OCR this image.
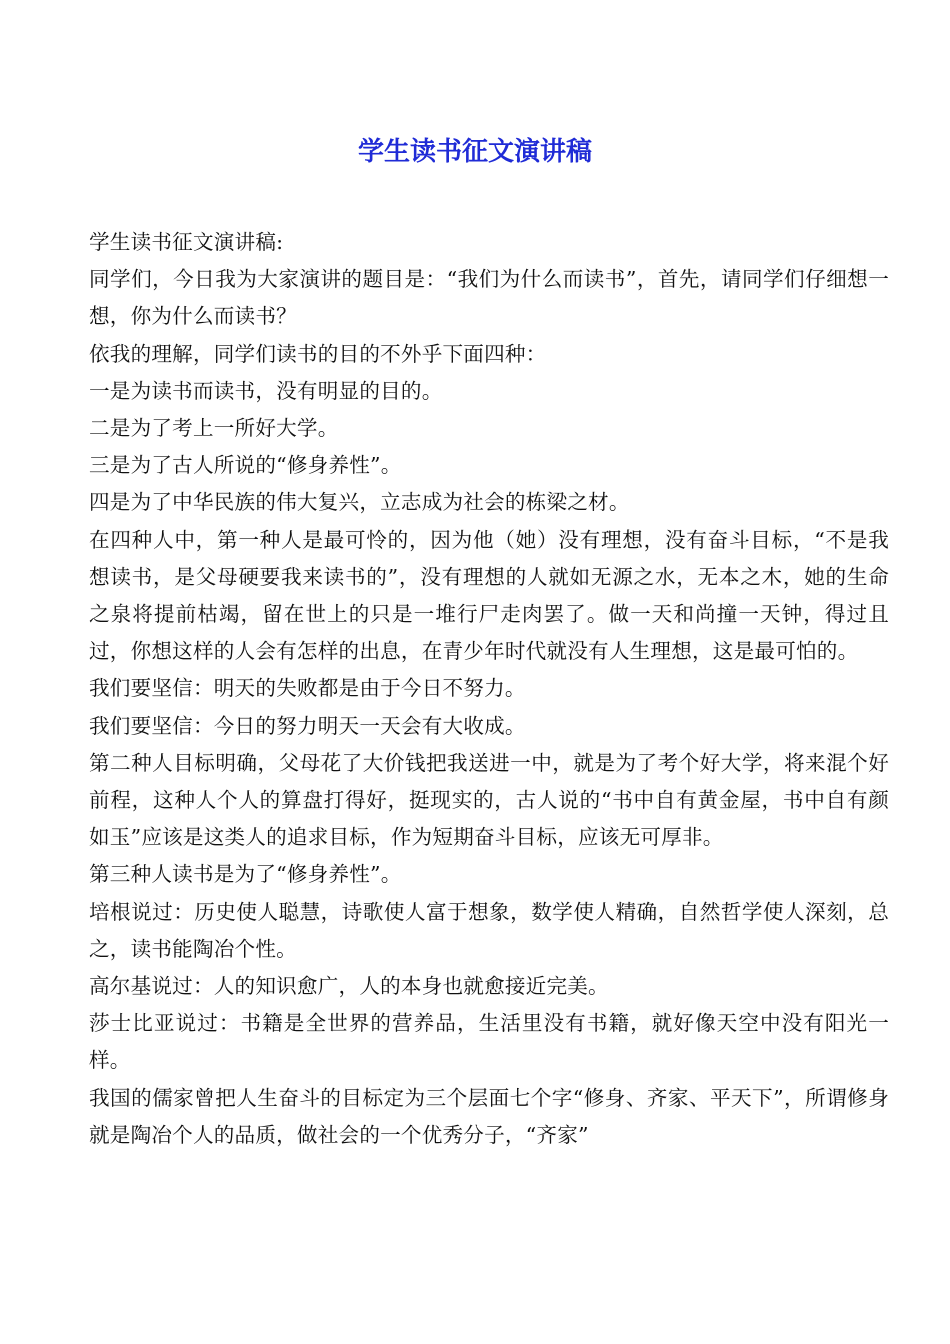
学生读书征文演讲稿

学生读书征文演讲稿:

同学们，今日我为大家演讲的题目是：“我们为什么而读书”，首先，请同学们仔细想一想，你为什么而读书？

依我的理解，同学们读书的目的不外乎下面四种：

一是为读书而读书，没有明显的目的。

二是为了考上一所好大学。

三是为了古人所说的“修身养性”。

四是为了中华民族的伟大复兴，立志成为社会的栋梁之材。

在四种人中，第一种人是最可怜的，因为他（她）没有理想，没有奋斗目标，“不是我想读书，是父母硬要我来读书的”，没有理想的人就如无源之水，无本之木，她的生命之泉将提前枯竭，留在世上的只是一堆行尸走肉罢了。做一天和尚撞一天钟，得过且过，你想这样的人会有怎样的出息，在青少年时代就没有人生理想，这是最可怕的。

我们要坚信：明天的失败都是由于今日不努力。

我们要坚信：今日的努力明天一天会有大收成。

第二种人目标明确，父母花了大价钱把我送进一中，就是为了考个好大学，将来混个好前程，这种人个人的算盘打得好，挺现实的，古人说的“书中自有黄金屋，书中自有颜如玉”应该是这类人的追求目标，作为短期奋斗目标，应该无可厚非。

第三种人读书是为了“修身养性”。

培根说过：历史使人聪慧，诗歌使人富于想象，数学使人精确，自然哲学使人深刻，总之，读书能陶冶个性。

高尔基说过：人的知识愈广，人的本身也就愈接近完美。

莎士比亚说过：书籍是全世界的营养品，生活里没有书籍，就好像天空中没有阳光一样。

我国的儒家曾把人生奋斗的目标定为三个层面七个字“修身、齐家、平天下”，所谓修身就是陶冶个人的品质，做社会的一个优秀分子，“齐家”
